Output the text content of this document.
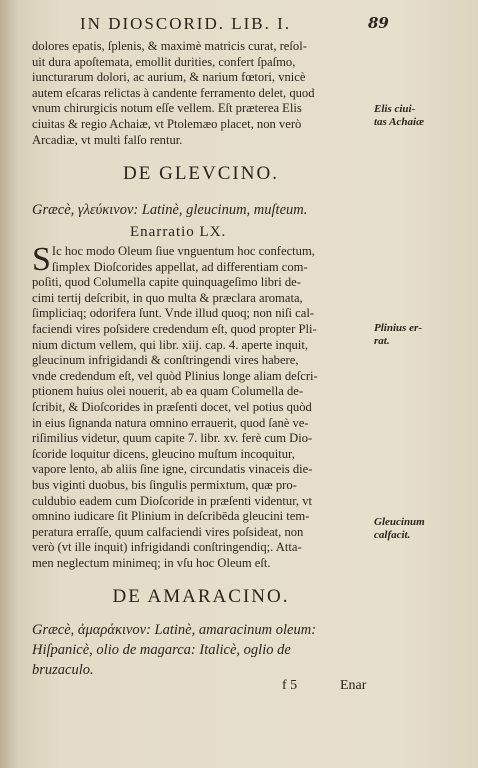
IN DIOSCORID. LIB. I.	89
dolores epatis, ſplenis, & maximè matricis curat, reſol-
uit dura apoſtemata, emollit durities, confert ſpaſmo,
iuncturarum dolori, ac aurium, & narium fœtori, vnicè
autem eſcaras relictas à candente ferramento delet, quod
vnum chirurgicis notum eſſe vellem. Eſt præterea Elis
ciuitas & regio Achaiæ, vt Ptolemæo placet, non verò
Arcadiæ, vt multi falſo rentur.
DE GLEVCINO.
Græcè, γλεύκινον: Latinè, gleucinum, muſteum.
Enarratio LX.
S Ic hoc modo Oleum ſiue vnguentum hoc confectum,
ſimplex Dioſcorides appellat, ad differentiam com-
poſiti, quod Columella capite quinquageſimo libri de-
cimi tertij deſcribit, in quo multa & præclara aromata,
ſimpliciaq; odorifera ſunt. Vnde illud quoq; non niſi cal-
faciendi vires poſsidere credendum eſt, quod propter Pli-
nium dictum vellem, qui libr. xiij. cap. 4. aperte inquit,
gleucinum infrigidandi & conſtringendi vires habere,
vnde credendum eſt, vel quòd Plinius longe aliam deſcri-
ptionem huius olei nouerit, ab ea quam Columella de-
ſcribit, & Dioſcorides in præſenti docet, vel potius quòd
in eius ſignanda natura omnino errauerit, quod ſanè ve-
riſimilius videtur, quum capite 7. libr. xv. ferè cum Dio-
ſcoride loquitur dicens, gleucino muſtum incoquitur,
vapore lento, ab aliis ſine igne, circundatis vinaceis die-
bus viginti duobus, bis ſingulis permixtum, quæ pro-
culdubio eadem cum Dioſcoride in præſenti videntur, vt
omnino iudicare ſit Plinium in deſcribēda gleucini tem-
peratura erraſſe, quum calfaciendi vires poſsideat, non
verò (vt ille inquit) infrigidandi conſtringendiq;. Atta-
men neglectum minimeq; in vſu hoc Oleum eſt.
DE AMARACINO.
Græcè, ἀμαράκινον: Latinè, amaracinum oleum:
Hiſpanicè, olio de magarca: Italicè, oglio de
bruzaculo.
Elis ciui-
tas Achaiæ
Plinius er-
rat.
Gleucinum
calfacit.
f 5	Enar
